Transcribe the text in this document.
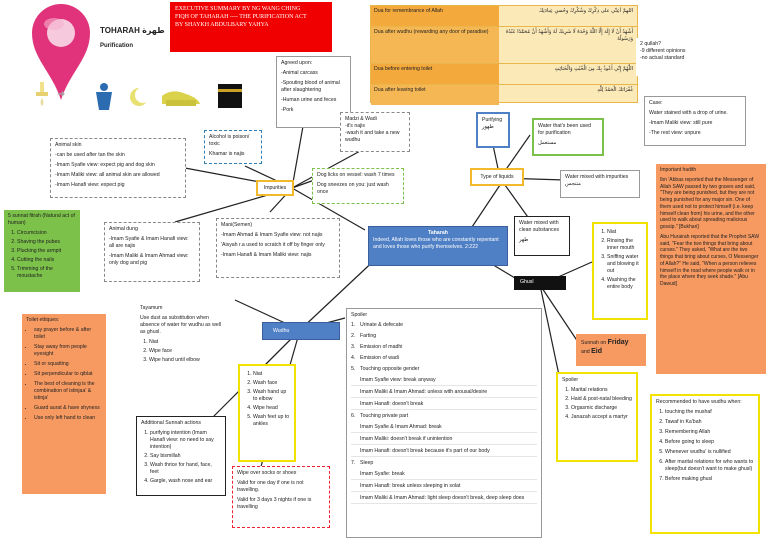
TOHARAH طهرة
Purification
EXECUTIVE SUMMARY BY NG WANG CHING
FIQH OF TAHARAH ---- THE PURIFICATION ACT
BY SHAYKH ABDULBARY YAHYA
➜
Dua for remembrance of Allah	اللهمَّ أعِنِّي على ذِكْرِكَ وشُكْرِكَ وحُسنِ عِبادَتِكَ
Dua after wudhu (rewarding any door of paradise)	أَشْهَدُ أَنْ لَا إِلَهَ إِلَّا اللَّهُ وَحْدَهُ لَا شَرِيكَ لَهُ وَأَشْهَدُ أَنَّ مُحَمَّدًا عَبْدُهُ وَرَسُولُهُ
Dua before entering toilet	اللَّهُمَّ إِنِّي أَعُوذُ بِكَ مِنَ الْخُبُثِ وَالْخَبَائِثِ
Dua after leaving toilet	غُفْرَانَكَ الْحَمْدُ لِلَّهِ
Agreed upon:
-Animal carcass
-Spouting blood of animal after slaughtering
-Human urine and feces
-Pork
Alcohol is poison/ toxic
Khamar is najis
Madzi & Wadi
-it's najis
-wash it and take a new wudhu
Dog licks on vessel: wash 7 times
Dog sneezes on you: just wash once
Animal skin
-can be used after tan the skin
-Imam Syafie view: expect pig and dog skin
-Imam Maliki view: all animal skin are allowed
-Imam Hanafi view: expect pig	Impurities
5 sunnat fitrah (Natural act of human)
1. Circumcision
2. Shaving the pubes
3. Plucking the armpit
4. Cutting the nails
5. Trimming of the moustache
Animal dung
-Imam Syafie & Imam Hanafi view: all are najis
-Imam Maliki & Imam Ahmad view: only dog and pig
Mani(Semen)
-Imam Ahmad & Imam Syafie view: not najis
'Aisyah r.a used to scratch it off by finger only
-Imam Hanafi & Imam Maliki view: najis
Taharah
Indeed, Allah loves those who are constantly repentant and loves those who purify themselves. 2:222
Purifying
طهور	Water that's been used for purification
مستعمل
Type of liquids	Water mixed with impurities
متنجس
Water mixed with clean substances
طهر
2 qullah?
-9 different opinions
-no actual standard
Case:
Water stained with a drop of urine.
-Imam Maliki view: still pure
-The rest view: unpure
Important hadith
Ibn 'Abbas reported that the Messenger of Allah SAW passed by two graves and said, "They are being punished, but they are not being punished for any major sin. One of them used not to protect himself (i.e. keep himself clean from) his urine, and the other used to walk about spreading malicious gossip." [Bukhari]
Abu Hurairah reported that the Prophet SAW said, "Fear the two things that bring about curses." They asked, "What are the two things that bring about curses, O Messenger of Allah?" He said, "When a person relieves himself in the road where people walk or in the place where they seek shade." [Abu Dawud]
1. Niat
2. Rinsing the inner mouth
3. Sniffing water and blowing it out
4. Washing the entire body
Ghusl
Sunnah on Friday
and Eid
Spoiler
1. Marital relations
2. Haid & post-natal bleeding
3. Orgasmic discharge
4. Janazah accept a martyr
Toilet ettiques:
• say prayer before & after toilet
• Stay away from people eyesight
• Sit or squatting
• Sit perpendicular to qiblat
• The best of cleaning is the combination of istinjaa' & istinja'
• Guard aurat & have shyness
• Use only left hand to clean
Tayamum
Use dust as substitution when absence of water for wudhu as well as ghusl.
1. Niat
2. Wipe face
3. Wipe hand until elbow
Wudhu
1. Niat
2. Wash face
3. Wash hand up to elbow
4. Wipe head
5. Wash feet up to ankles
Additional Sunnah actions
1. purifying intention (Imam Hanafi view: no need to say intention)
2. Say bismillah
3. Wash thrice for hand, face, feet
4. Gargle, wash nose and ear
Wipe over socks or shoes
Valid for one day if one is not travelling.
Valid for 3 days 3 nights if one is travelling
Spoiler
1. Urinate & defecate
2. Farting
3. Emission of madhi
4. Emission of wadi
5. Touching opposite gender
Imam Syafie view: break anyway
Imam Maliki & Imam Ahmad: unless with arousal/desire
Imam Hanafi: doesn't break
6. Touching private part
Imam Syafie & Imam Ahmad: break
Imam Maliki: doesn't break if unintention
Imam Hanafi: doesn't break because it's part of our body
7. Sleep
Imam Syafie: break
Imam Hanafi: break unless sleeping in solat
Imam Maliki & Imam Ahmad: light sleep doesn't break, deep sleep does
Recommended to have wudhu when:
1. touching the mushaf
2. Tawaf in Ka'bah
3. Remembering Allah
4. Before going to sleep
5. Whenever wudhu' is nullified
6. After marital relations for who wants to sleep(but doesn't want to make ghusl)
7. Before making ghusl
